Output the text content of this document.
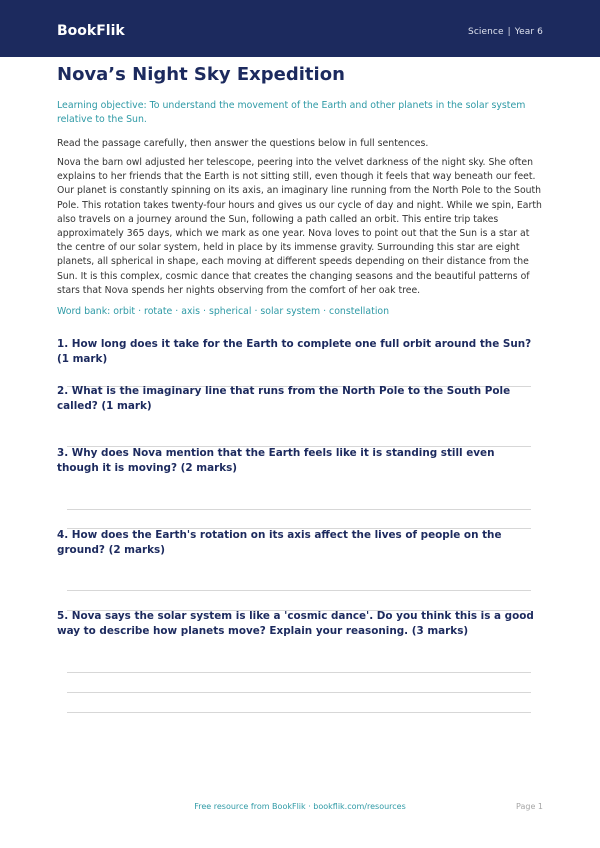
BookFlik	Science | Year 6
Nova’s Night Sky Expedition
Learning objective: To understand the movement of the Earth and other planets in the solar system relative to the Sun.
Read the passage carefully, then answer the questions below in full sentences.
Nova the barn owl adjusted her telescope, peering into the velvet darkness of the night sky. She often explains to her friends that the Earth is not sitting still, even though it feels that way beneath our feet. Our planet is constantly spinning on its axis, an imaginary line running from the North Pole to the South Pole. This rotation takes twenty-four hours and gives us our cycle of day and night. While we spin, Earth also travels on a journey around the Sun, following a path called an orbit. This entire trip takes approximately 365 days, which we mark as one year. Nova loves to point out that the Sun is a star at the centre of our solar system, held in place by its immense gravity. Surrounding this star are eight planets, all spherical in shape, each moving at different speeds depending on their distance from the Sun. It is this complex, cosmic dance that creates the changing seasons and the beautiful patterns of stars that Nova spends her nights observing from the comfort of her oak tree.
Word bank: orbit · rotate · axis · spherical · solar system · constellation
1. How long does it take for the Earth to complete one full orbit around the Sun? (1 mark)
2. What is the imaginary line that runs from the North Pole to the South Pole called? (1 mark)
3. Why does Nova mention that the Earth feels like it is standing still even though it is moving? (2 marks)
4. How does the Earth's rotation on its axis affect the lives of people on the ground? (2 marks)
5. Nova says the solar system is like a 'cosmic dance'. Do you think this is a good way to describe how planets move? Explain your reasoning. (3 marks)
Free resource from BookFlik · bookflik.com/resources	Page 1
